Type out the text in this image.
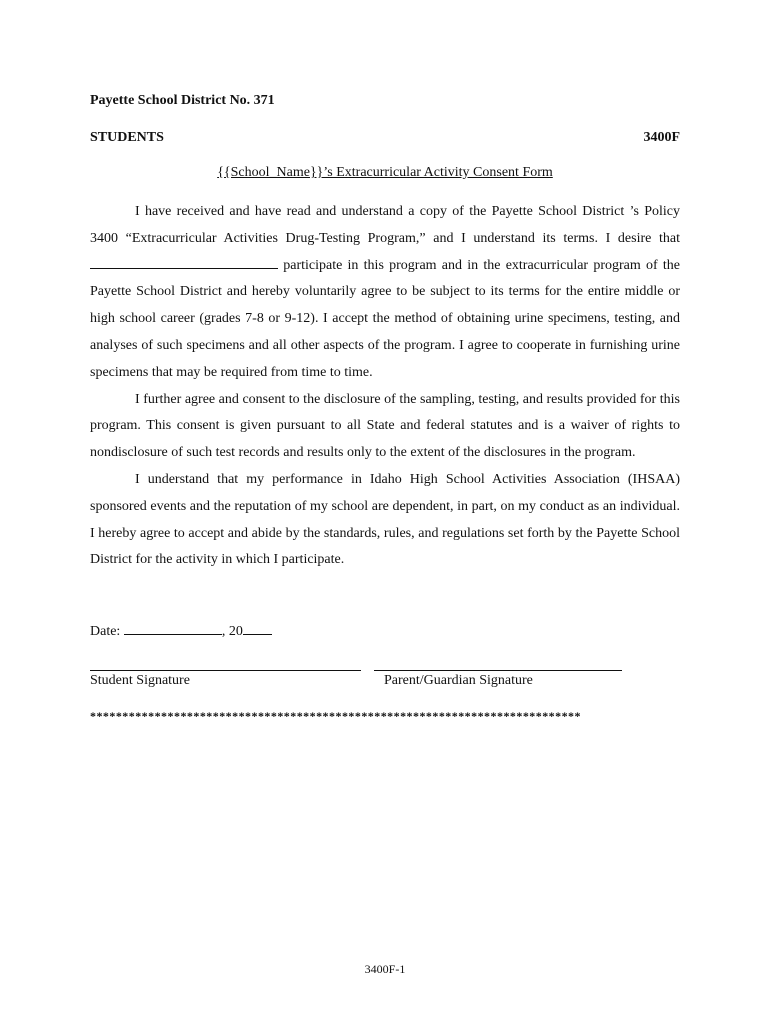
Payette School District No. 371
STUDENTS	3400F
{{School_Name}}’s Extracurricular Activity Consent Form

I have received and have read and understand a copy of the Payette School District ’s Policy 3400 “Extracurricular Activities Drug-Testing Program,” and I understand its terms. I desire that  participate in this program and in the extracurricular program of the Payette School District and hereby voluntarily agree to be subject to its terms for the entire middle or high school career (grades 7-8 or 9-12). I accept the method of obtaining urine specimens, testing, and analyses of such specimens and all other aspects of the program. I agree to cooperate in furnishing urine specimens that may be required from time to time.

I further agree and consent to the disclosure of the sampling, testing, and results provided for this program. This consent is given pursuant to all State and federal statutes and is a waiver of rights to nondisclosure of such test records and results only to the extent of the disclosures in the program.

I understand that my performance in Idaho High School Activities Association (IHSAA) sponsored events and the reputation of my school are dependent, in part, on my conduct as an individual. I hereby agree to accept and abide by the standards, rules, and regulations set forth by the Payette School District for the activity in which I participate.

Date:	, 20
Student Signature	Parent/Guardian Signature
****************************************************************************
3400F-1
